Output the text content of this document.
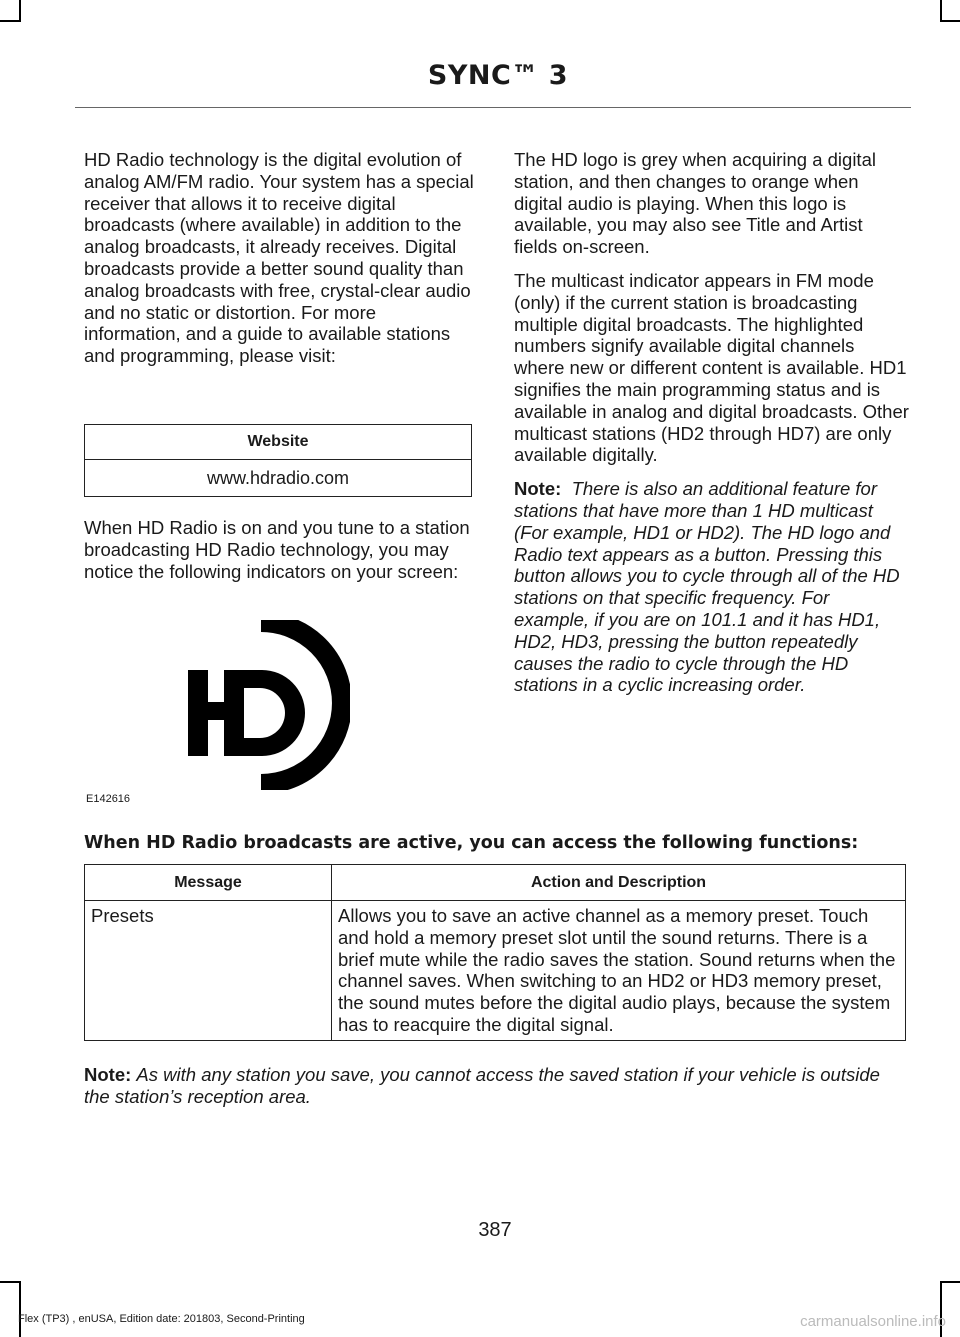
SYNC™ 3

HD Radio technology is the digital evolution of analog AM/FM radio. Your system has a special receiver that allows it to receive digital broadcasts (where available) in addition to the analog broadcasts, it already receives. Digital broadcasts provide a better sound quality than analog broadcasts with free, crystal-clear audio and no static or distortion. For more information, and a guide to available stations and programming, please visit:

Website
www.hdradio.com

When HD Radio is on and you tune to a station broadcasting HD Radio technology, you may notice the following indicators on your screen:

E142616

The HD logo is grey when acquiring a digital station, and then changes to orange when digital audio is playing. When this logo is available, you may also see Title and Artist fields on-screen.

The multicast indicator appears in FM mode (only) if the current station is broadcasting multiple digital broadcasts. The highlighted numbers signify available digital channels where new or different content is available. HD1 signifies the main programming status and is available in analog and digital broadcasts. Other multicast stations (HD2 through HD7) are only available digitally.

Note: There is also an additional feature for stations that have more than 1 HD multicast (For example, HD1 or HD2). The HD logo and Radio text appears as a button. Pressing this button allows you to cycle through all of the HD stations on that specific frequency. For example, if you are on 101.1 and it has HD1, HD2, HD3, pressing the button repeatedly causes the radio to cycle through the HD stations in a cyclic increasing order.

When HD Radio broadcasts are active, you can access the following functions:
Message	Action and Description
Presets	Allows you to save an active channel as a memory preset. Touch and hold a memory preset slot until the sound returns. There is a brief mute while the radio saves the station. Sound returns when the channel saves. When switching to an HD2 or HD3 memory preset, the sound mutes before the digital audio plays, because the system has to reacquire the digital signal.
Note: As with any station you save, you cannot access the saved station if your vehicle is outside the station’s reception area.
387
Flex (TP3) , enUSA, Edition date: 201803, Second-Printing	carmanualsonline.info
